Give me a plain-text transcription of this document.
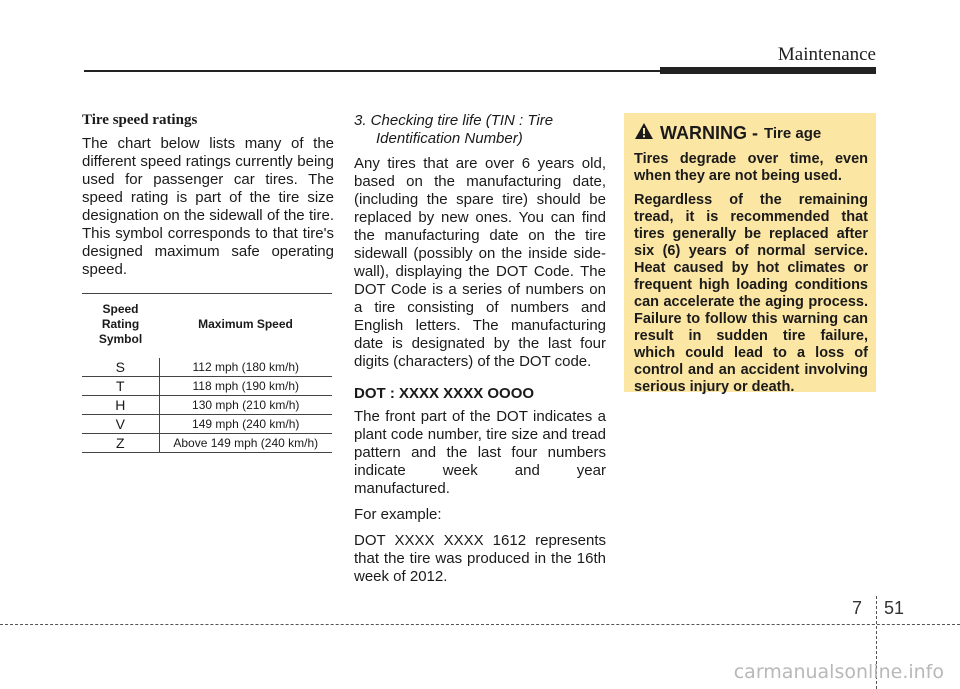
Maintenance
Tire speed ratings

The chart below lists many of the different speed ratings currently being used for passenger car tires. The speed rating is part of the tire size designation on the sidewall of the tire. This symbol corresponds to that tire's designed maximum safe operating speed.

Speed Rating Symbol	Maximum Speed
S	112 mph (180 km/h)
T	118 mph (190 km/h)
H	130 mph (210 km/h)
V	149 mph (240 km/h)
Z	Above 149 mph (240 km/h)
3. Checking tire life (TIN : Tire Identification Number)

Any tires that are over 6 years old, based on the manufacturing date, (including the spare tire) should be replaced by new ones. You can find the manufacturing date on the tire sidewall (possibly on the inside side-wall), displaying the DOT Code. The DOT Code is a series of numbers on a tire consisting of numbers and English letters. The manufacturing date is designated by the last four digits (characters) of the DOT code.

DOT : XXXX XXXX OOOO

The front part of the DOT indicates a plant code number, tire size and tread pattern and the last four numbers indicate week and year manufactured.

For example:

DOT XXXX XXXX 1612 represents that the tire was produced in the 16th week of 2012.

WARNING - Tire age

Tires degrade over time, even when they are not being used.

Regardless of the remaining tread, it is recommended that tires generally be replaced after six (6) years of normal service. Heat caused by hot climates or frequent high loading conditions can accelerate the aging process. Failure to follow this warning can result in sudden tire failure, which could lead to a loss of control and an accident involving serious injury or death.

7 51
carmanualsonline.info
